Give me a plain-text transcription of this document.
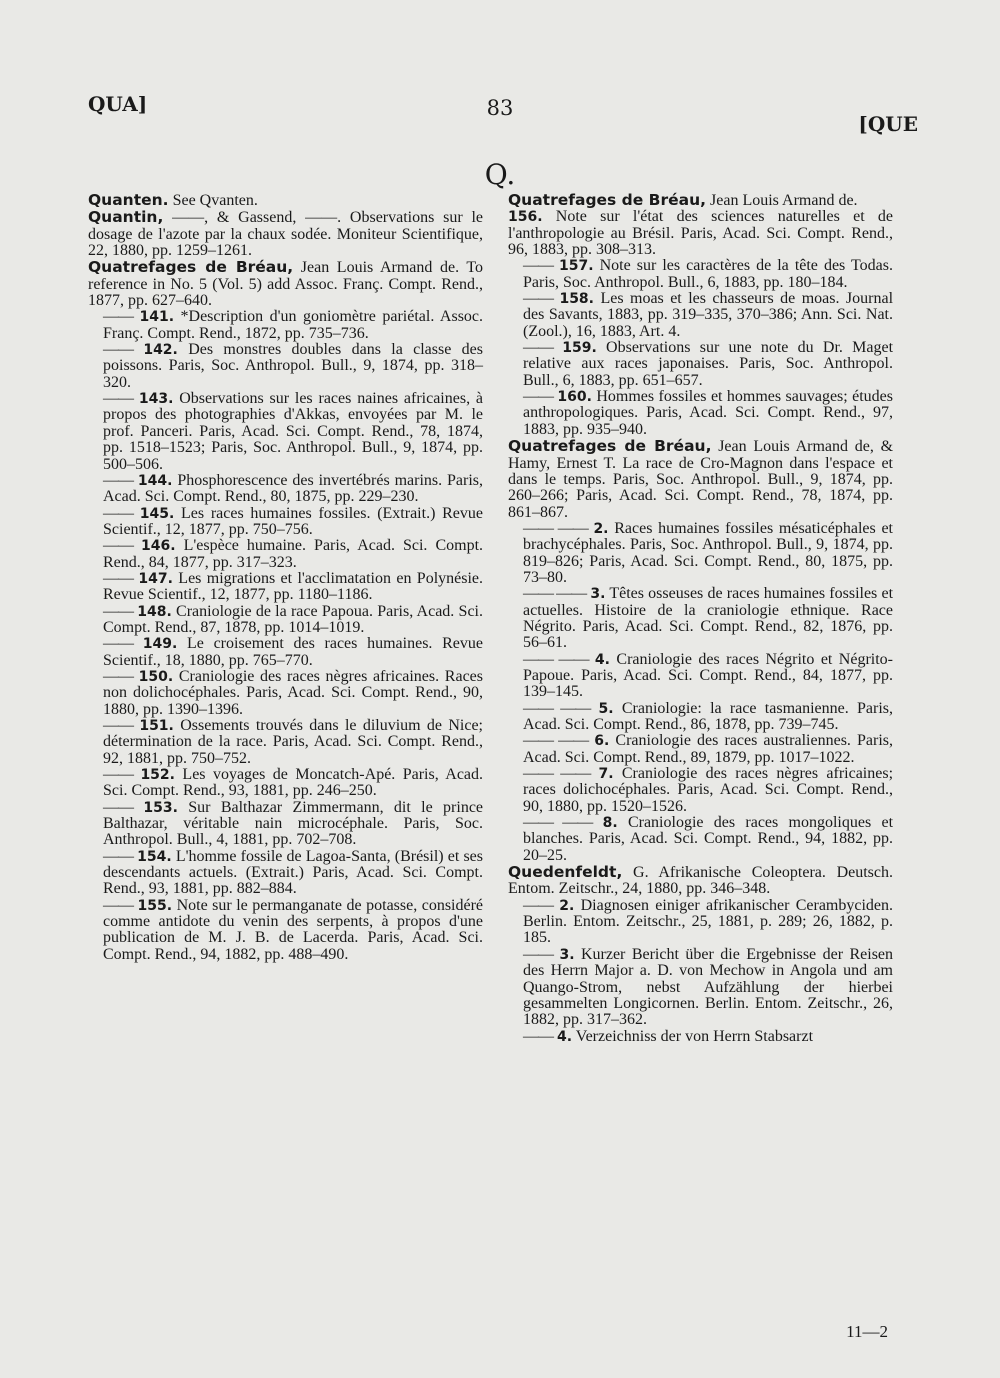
QUA]	83
[QUE
Q.

Quanten. See Qvanten.

Quantin, ——, & Gassend, ——. Observations sur le dosage de l'azote par la chaux sodée. Moniteur Scientifique, 22, 1880, pp. 1259–1261.

Quatrefages de Bréau, Jean Louis Armand de. To reference in No. 5 (Vol. 5) add Assoc. Franç. Compt. Rend., 1877, pp. 627–640.

—— 141. *Description d'un goniomètre pariétal. Assoc. Franç. Compt. Rend., 1872, pp. 735–736.

—— 142. Des monstres doubles dans la classe des poissons. Paris, Soc. Anthropol. Bull., 9, 1874, pp. 318–320.

—— 143. Observations sur les races naines africaines, à propos des photographies d'Akkas, envoyées par M. le prof. Panceri. Paris, Acad. Sci. Compt. Rend., 78, 1874, pp. 1518–1523; Paris, Soc. Anthropol. Bull., 9, 1874, pp. 500–506.

—— 144. Phosphorescence des invertébrés marins. Paris, Acad. Sci. Compt. Rend., 80, 1875, pp. 229–230.

—— 145. Les races humaines fossiles. (Extrait.) Revue Scientif., 12, 1877, pp. 750–756.

—— 146. L'espèce humaine. Paris, Acad. Sci. Compt. Rend., 84, 1877, pp. 317–323.

—— 147. Les migrations et l'acclimatation en Polynésie. Revue Scientif., 12, 1877, pp. 1180–1186.

—— 148. Craniologie de la race Papoua. Paris, Acad. Sci. Compt. Rend., 87, 1878, pp. 1014–1019.

—— 149. Le croisement des races humaines. Revue Scientif., 18, 1880, pp. 765–770.

—— 150. Craniologie des races nègres africaines. Races non dolichocéphales. Paris, Acad. Sci. Compt. Rend., 90, 1880, pp. 1390–1396.

—— 151. Ossements trouvés dans le diluvium de Nice; détermination de la race. Paris, Acad. Sci. Compt. Rend., 92, 1881, pp. 750–752.

—— 152. Les voyages de Moncatch-Apé. Paris, Acad. Sci. Compt. Rend., 93, 1881, pp. 246–250.

—— 153. Sur Balthazar Zimmermann, dit le prince Balthazar, véritable nain microcéphale. Paris, Soc. Anthropol. Bull., 4, 1881, pp. 702–708.

—— 154. L'homme fossile de Lagoa-Santa, (Brésil) et ses descendants actuels. (Extrait.) Paris, Acad. Sci. Compt. Rend., 93, 1881, pp. 882–884.

—— 155. Note sur le permanganate de potasse, considéré comme antidote du venin des serpents, à propos d'une publication de M. J. B. de Lacerda. Paris, Acad. Sci. Compt. Rend., 94, 1882, pp. 488–490.

Quatrefages de Bréau, Jean Louis Armand de.

156. Note sur l'état des sciences naturelles et de l'anthropologie au Brésil. Paris, Acad. Sci. Compt. Rend., 96, 1883, pp. 308–313.

—— 157. Note sur les caractères de la tête des Todas. Paris, Soc. Anthropol. Bull., 6, 1883, pp. 180–184.

—— 158. Les moas et les chasseurs de moas. Journal des Savants, 1883, pp. 319–335, 370–386; Ann. Sci. Nat. (Zool.), 16, 1883, Art. 4.

—— 159. Observations sur une note du Dr. Maget relative aux races japonaises. Paris, Soc. Anthropol. Bull., 6, 1883, pp. 651–657.

—— 160. Hommes fossiles et hommes sauvages; études anthropologiques. Paris, Acad. Sci. Compt. Rend., 97, 1883, pp. 935–940.

Quatrefages de Bréau, Jean Louis Armand de, & Hamy, Ernest T. La race de Cro-Magnon dans l'espace et dans le temps. Paris, Soc. Anthropol. Bull., 9, 1874, pp. 260–266; Paris, Acad. Sci. Compt. Rend., 78, 1874, pp. 861–867.

—— —— 2. Races humaines fossiles mésaticéphales et brachycéphales. Paris, Soc. Anthropol. Bull., 9, 1874, pp. 819–826; Paris, Acad. Sci. Compt. Rend., 80, 1875, pp. 73–80.

—— —— 3. Têtes osseuses de races humaines fossiles et actuelles. Histoire de la craniologie ethnique. Race Négrito. Paris, Acad. Sci. Compt. Rend., 82, 1876, pp. 56–61.

—— —— 4. Craniologie des races Négrito et Négrito-Papoue. Paris, Acad. Sci. Compt. Rend., 84, 1877, pp. 139–145.

—— —— 5. Craniologie: la race tasmanienne. Paris, Acad. Sci. Compt. Rend., 86, 1878, pp. 739–745.

—— —— 6. Craniologie des races australiennes. Paris, Acad. Sci. Compt. Rend., 89, 1879, pp. 1017–1022.

—— —— 7. Craniologie des races nègres africaines; races dolichocéphales. Paris, Acad. Sci. Compt. Rend., 90, 1880, pp. 1520–1526.

—— —— 8. Craniologie des races mongoliques et blanches. Paris, Acad. Sci. Compt. Rend., 94, 1882, pp. 20–25.

Quedenfeldt, G. Afrikanische Coleoptera. Deutsch. Entom. Zeitschr., 24, 1880, pp. 346–348.

—— 2. Diagnosen einiger afrikanischer Cerambyciden. Berlin. Entom. Zeitschr., 25, 1881, p. 289; 26, 1882, p. 185.

—— 3. Kurzer Bericht über die Ergebnisse der Reisen des Herrn Major a. D. von Mechow in Angola und am Quango-Strom, nebst Aufzählung der hierbei gesammelten Longicornen. Berlin. Entom. Zeitschr., 26, 1882, pp. 317–362.

—— 4. Verzeichniss der von Herrn Stabsarzt

11—2
